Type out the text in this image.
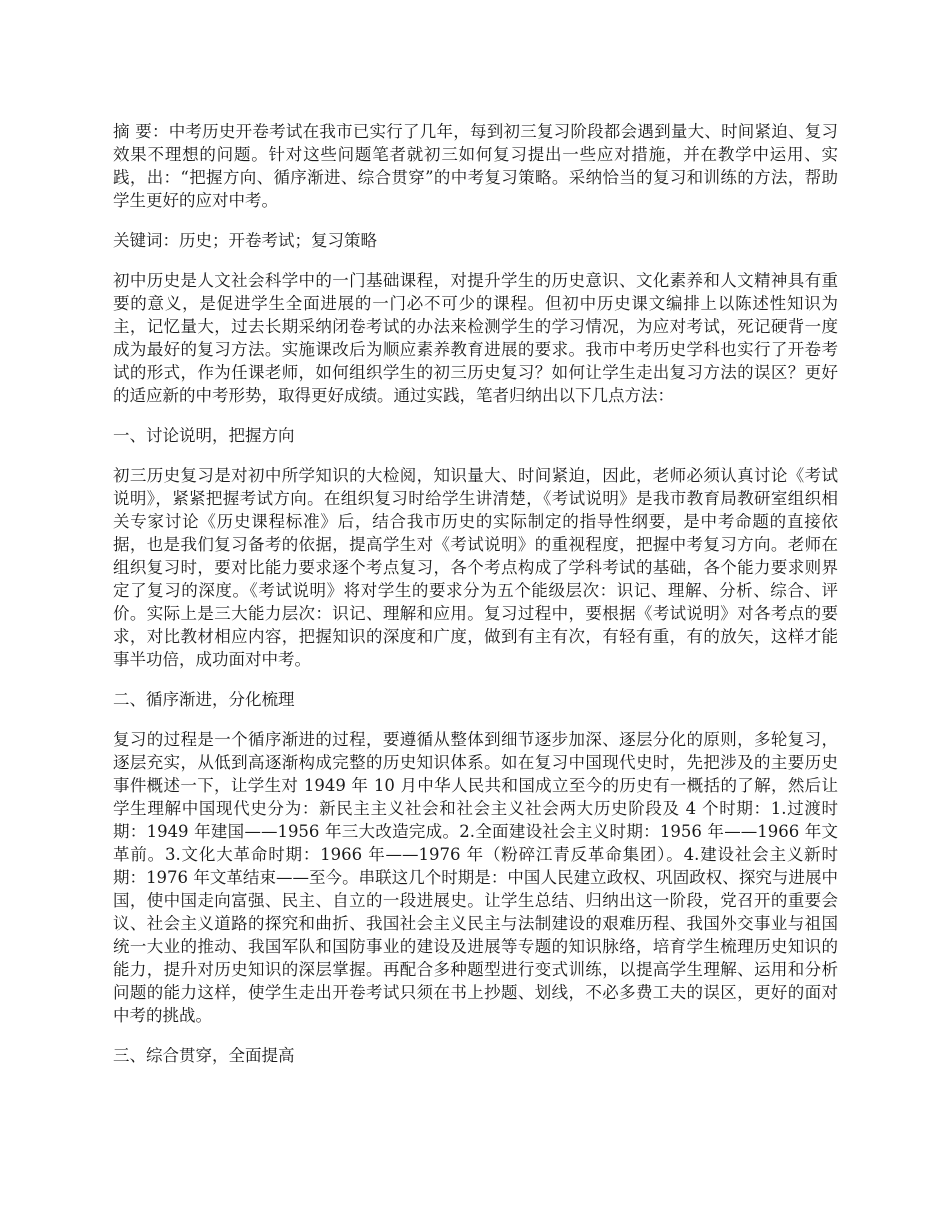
摘 要：中考历史开卷考试在我市已实行了几年，每到初三复习阶段都会遇到量大、时间紧迫、复习效果不理想的问题。针对这些问题笔者就初三如何复习提出一些应对措施，并在教学中运用、实践，出：“把握方向、循序渐进、综合贯穿”的中考复习策略。采纳恰当的复习和训练的方法，帮助学生更好的应对中考。

关键词：历史；开卷考试；复习策略

初中历史是人文社会科学中的一门基础课程，对提升学生的历史意识、文化素养和人文精神具有重要的意义，是促进学生全面进展的一门必不可少的课程。但初中历史课文编排上以陈述性知识为主，记忆量大，过去长期采纳闭卷考试的办法来检测学生的学习情况，为应对考试，死记硬背一度成为最好的复习方法。实施课改后为顺应素养教育进展的要求。我市中考历史学科也实行了开卷考试的形式，作为任课老师，如何组织学生的初三历史复习？如何让学生走出复习方法的误区？更好的适应新的中考形势，取得更好成绩。通过实践，笔者归纳出以下几点方法：

一、讨论说明，把握方向

初三历史复习是对初中所学知识的大检阅，知识量大、时间紧迫，因此，老师必须认真讨论《考试说明》，紧紧把握考试方向。在组织复习时给学生讲清楚，《考试说明》是我市教育局教研室组织相关专家讨论《历史课程标准》后，结合我市历史的实际制定的指导性纲要，是中考命题的直接依据，也是我们复习备考的依据，提高学生对《考试说明》的重视程度，把握中考复习方向。老师在组织复习时，要对比能力要求逐个考点复习，各个考点构成了学科考试的基础，各个能力要求则界定了复习的深度。《考试说明》将对学生的要求分为五个能级层次：识记、理解、分析、综合、评价。实际上是三大能力层次：识记、理解和应用。复习过程中，要根据《考试说明》对各考点的要求，对比教材相应内容，把握知识的深度和广度，做到有主有次，有轻有重，有的放矢，这样才能事半功倍，成功面对中考。

二、循序渐进，分化梳理

复习的过程是一个循序渐进的过程，要遵循从整体到细节逐步加深、逐层分化的原则，多轮复习，逐层充实，从低到高逐渐构成完整的历史知识体系。如在复习中国现代史时，先把涉及的主要历史事件概述一下，让学生对 1949 年 10 月中华人民共和国成立至今的历史有一概括的了解，然后让学生理解中国现代史分为：新民主主义社会和社会主义社会两大历史阶段及 4 个时期：1.过渡时期：1949 年建国——1956 年三大改造完成。2.全面建设社会主义时期：1956 年——1966 年文革前。3.文化大革命时期：1966 年——1976 年（粉碎江青反革命集团）。4.建设社会主义新时期：1976 年文革结束——至今。串联这几个时期是：中国人民建立政权、巩固政权、探究与进展中国，使中国走向富强、民主、自立的一段进展史。让学生总结、归纳出这一阶段，党召开的重要会议、社会主义道路的探究和曲折、我国社会主义民主与法制建设的艰难历程、我国外交事业与祖国统一大业的推动、我国军队和国防事业的建设及进展等专题的知识脉络，培育学生梳理历史知识的能力，提升对历史知识的深层掌握。再配合多种题型进行变式训练，以提高学生理解、运用和分析问题的能力这样，使学生走出开卷考试只须在书上抄题、划线，不必多费工夫的误区，更好的面对中考的挑战。

三、综合贯穿，全面提高
